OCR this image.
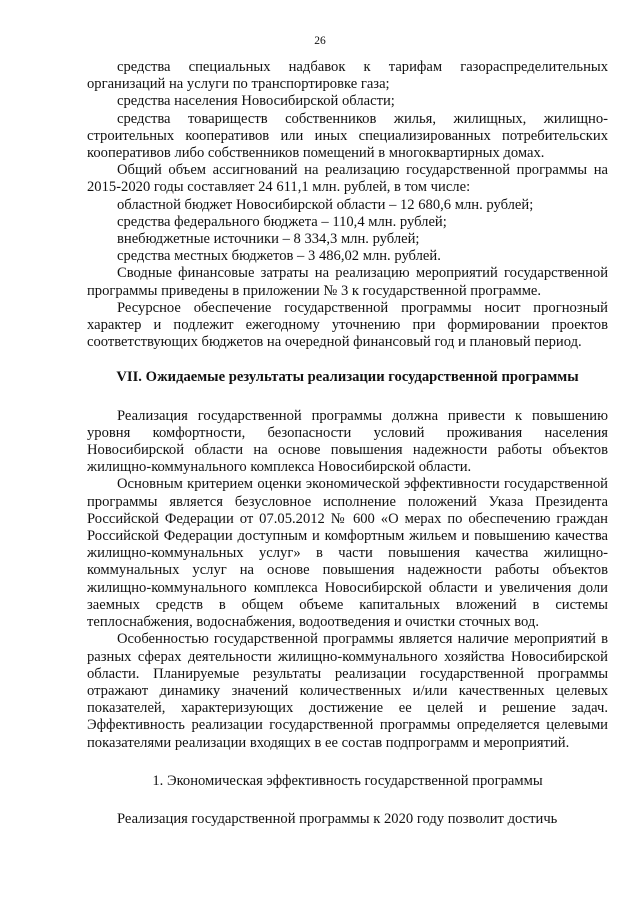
26

средства специальных надбавок к тарифам газораспределительных организаций на услуги по транспортировке газа;

средства населения Новосибирской области;

средства товариществ собственников жилья, жилищных, жилищно-строительных кооперативов или иных специализированных потребительских кооперативов либо собственников помещений в многоквартирных домах.

Общий объем ассигнований на реализацию государственной программы на 2015-2020 годы составляет 24 611,1 млн. рублей, в том числе:

областной бюджет Новосибирской области – 12 680,6 млн. рублей;

средства федерального бюджета – 110,4 млн. рублей;

внебюджетные источники – 8 334,3 млн. рублей;

средства местных бюджетов – 3 486,02 млн. рублей.

Сводные финансовые затраты на реализацию мероприятий государственной программы приведены в приложении № 3 к государственной программе.

Ресурсное обеспечение государственной программы носит прогнозный характер и подлежит ежегодному уточнению при формировании проектов соответствующих бюджетов на очередной финансовый год и плановый период.

VII. Ожидаемые результаты реализации государственной программы

Реализация государственной программы должна привести к повышению уровня комфортности, безопасности условий проживания населения Новосибирской области на основе повышения надежности работы объектов жилищно-коммунального комплекса Новосибирской области.

Основным критерием оценки экономической эффективности государственной программы является безусловное исполнение положений Указа Президента Российской Федерации от 07.05.2012 № 600 «О мерах по обеспечению граждан Российской Федерации доступным и комфортным жильем и повышению качества жилищно-коммунальных услуг» в части повышения качества жилищно-коммунальных услуг на основе повышения надежности работы объектов жилищно-коммунального комплекса Новосибирской области и увеличения доли заемных средств в общем объеме капитальных вложений в системы теплоснабжения, водоснабжения, водоотведения и очистки сточных вод.

Особенностью государственной программы является наличие мероприятий в разных сферах деятельности жилищно-коммунального хозяйства Новосибирской области. Планируемые результаты реализации государственной программы отражают динамику значений количественных и/или качественных целевых показателей, характеризующих достижение ее целей и решение задач. Эффективность реализации государственной программы определяется целевыми показателями реализации входящих в ее состав подпрограмм и мероприятий.

1. Экономическая эффективность государственной программы

Реализация государственной программы к 2020 году позволит достичь
